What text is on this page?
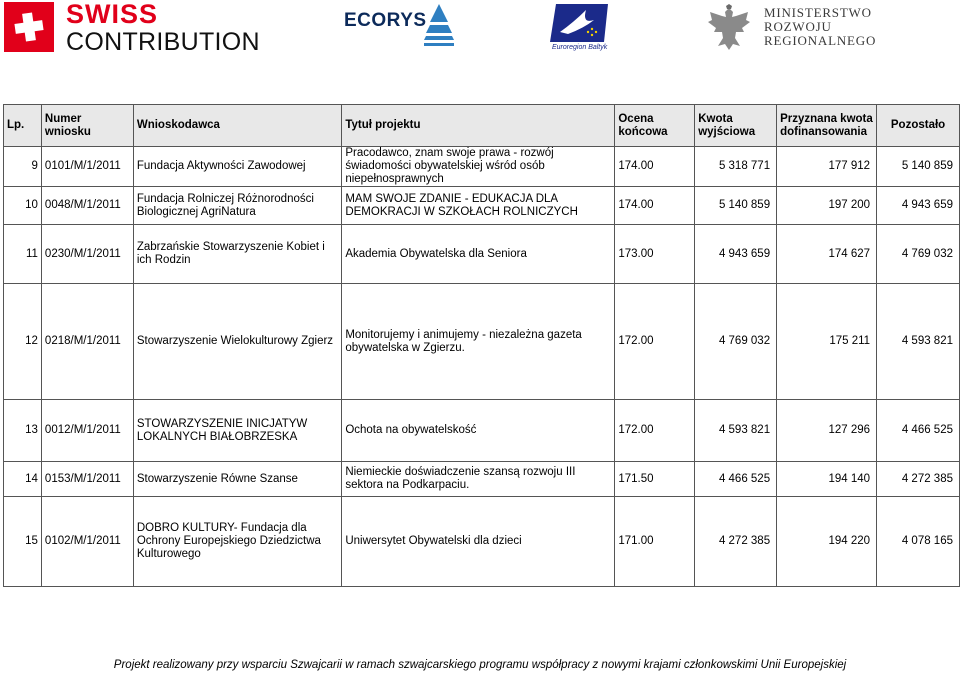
SWISS
CONTRIBUTION
ECORYS
Euroregion Baltyk
MINISTERSTWO
ROZWOJU
REGIONALNEGO
Lp.	Numer wniosku	Wnioskodawca	Tytuł projektu	Ocena końcowa	Kwota wyjściowa	Przyznana kwota dofinansowania	Pozostało
9	0101/M/1/2011	Fundacja Aktywności Zawodowej	Pracodawco, znam swoje prawa - rozwój świadomości obywatelskiej wśród osób niepełnosprawnych	174.00	5 318 771	177 912	5 140 859
10	0048/M/1/2011	Fundacja Rolniczej Różnorodności Biologicznej AgriNatura	MAM SWOJE ZDANIE - EDUKACJA DLA DEMOKRACJI W SZKOŁACH ROLNICZYCH	174.00	5 140 859	197 200	4 943 659
11	0230/M/1/2011	Zabrzańskie Stowarzyszenie Kobiet i ich Rodzin	Akademia Obywatelska dla Seniora	173.00	4 943 659	174 627	4 769 032
12	0218/M/1/2011	Stowarzyszenie Wielokulturowy Zgierz	Monitorujemy i animujemy - niezależna gazeta obywatelska w Zgierzu.	172.00	4 769 032	175 211	4 593 821
13	0012/M/1/2011	STOWARZYSZENIE INICJATYW LOKALNYCH BIAŁOBRZESKA	Ochota na obywatelskość	172.00	4 593 821	127 296	4 466 525
14	0153/M/1/2011	Stowarzyszenie Równe Szanse	Niemieckie doświadczenie szansą rozwoju III sektora na Podkarpaciu.	171.50	4 466 525	194 140	4 272 385
15	0102/M/1/2011	DOBRO KULTURY- Fundacja dla Ochrony Europejskiego Dziedzictwa Kulturowego	Uniwersytet Obywatelski dla dzieci	171.00	4 272 385	194 220	4 078 165
Projekt realizowany przy wsparciu Szwajcarii w ramach szwajcarskiego programu współpracy z nowymi krajami członkowskimi Unii Europejskiej
